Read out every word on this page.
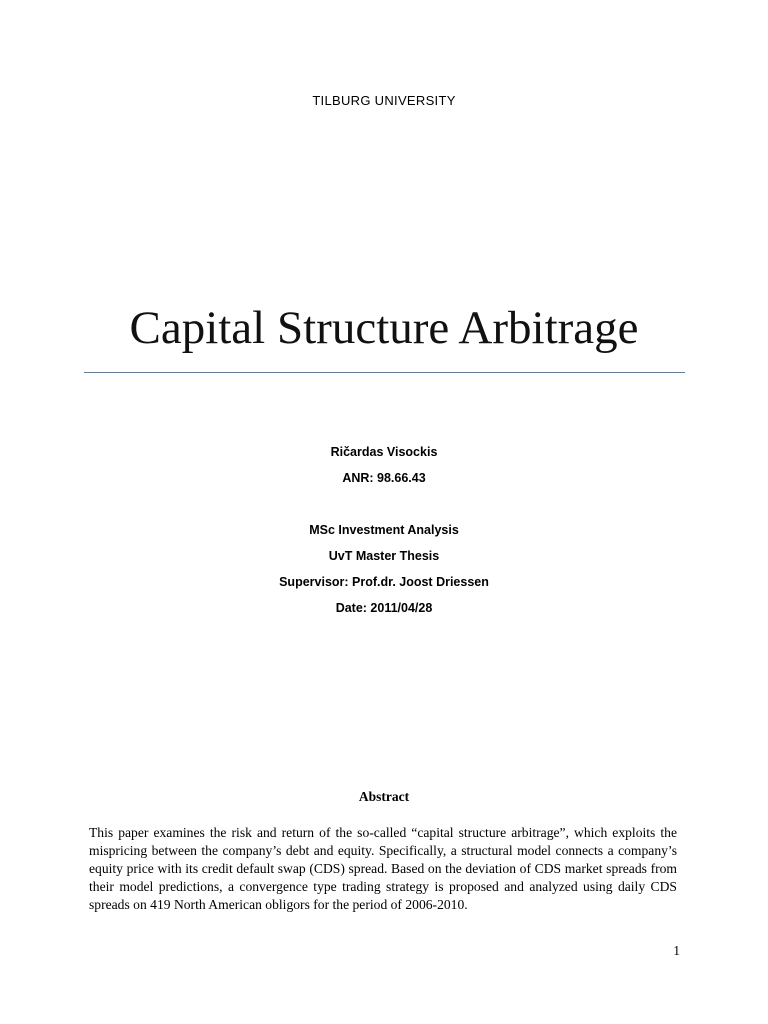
TILBURG UNIVERSITY
Capital Structure Arbitrage
Ričardas Visockis
ANR: 98.66.43
MSc Investment Analysis
UvT Master Thesis
Supervisor: Prof.dr. Joost Driessen
Date: 2011/04/28
Abstract
This paper examines the risk and return of the so-called “capital structure arbitrage”, which exploits the mispricing between the company’s debt and equity. Specifically, a structural model connects a company’s equity price with its credit default swap (CDS) spread. Based on the deviation of CDS market spreads from their model predictions, a convergence type trading strategy is proposed and analyzed using daily CDS spreads on 419 North American obligors for the period of 2006-2010.
1
